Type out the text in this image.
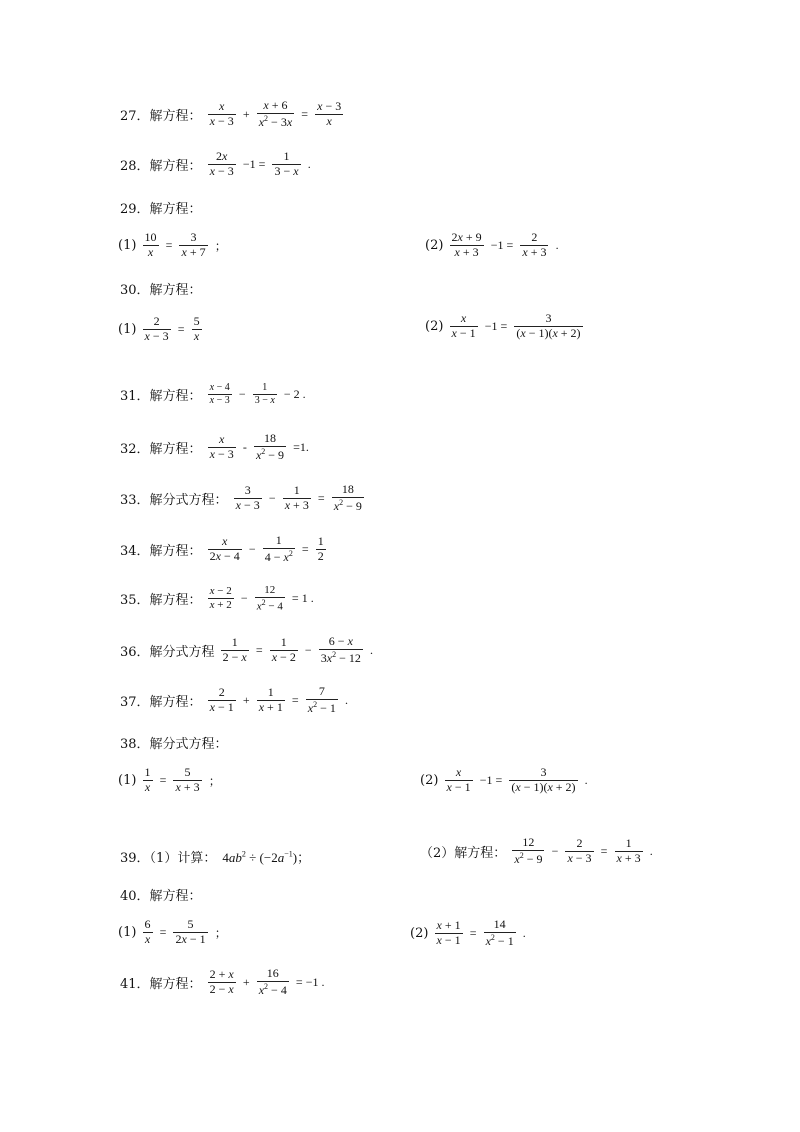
27．解方程： $\frac{x}{x - 3} + \frac{x + 6}{x^2 - 3x} = \frac{x - 3}{x}$
28．解方程： $\frac{2x}{x - 3} -1 = \frac{1}{3 - x}$ .
29．解方程：
$(1) \frac{10}{x} = \frac{3}{x + 7}$ ；	$(2) \frac{2x + 9}{x + 3} -1 = \frac{2}{x + 3}$ .
30．解方程：
$(1) \frac{2}{x - 3} = \frac{5}{x}$	$(2) \frac{x}{x - 1} -1 = \frac{3}{(x - 1)(x + 2)}$
31．解方程： $\frac{x - 4}{x - 3} - \frac{1}{3 - x} - 2$ .
32．解方程： $\frac{x}{x - 3} - \frac{18}{x^2 - 9} =1$.
33．解分式方程： $\frac{3}{x - 3} - \frac{1}{x + 3} = \frac{18}{x^2 - 9}$
34．解方程： $\frac{x}{2x - 4} - \frac{1}{4 - x^2} = \frac{1}{2}$
35．解方程： $\frac{x - 2}{x + 2} - \frac{12}{x^2 - 4} = 1$ .
36．解分式方程 $\frac{1}{2 - x} = \frac{1}{x - 2} - \frac{6 - x}{3x^2 - 12}$ .
37．解方程： $\frac{2}{x - 1} + \frac{1}{x + 1} = \frac{7}{x^2 - 1}$ .
38．解分式方程：
$(1) \frac{1}{x} = \frac{5}{x + 3}$ ；	$(2) \frac{x}{x - 1} -1 = \frac{3}{(x - 1)(x + 2)}$ .
39．（1）计算： $4ab^2 \div (-2a^{-1})$；	（2）解方程： $\frac{12}{x^2 - 9} - \frac{2}{x - 3} = \frac{1}{x + 3}$ .
40．解方程：
$(1) \frac{6}{x} = \frac{5}{2x - 1}$ ；	$(2) \frac{x + 1}{x - 1} = \frac{14}{x^2 - 1}$ .
41．解方程： $\frac{2 + x}{2 - x} + \frac{16}{x^2 - 4} = -1$ .
